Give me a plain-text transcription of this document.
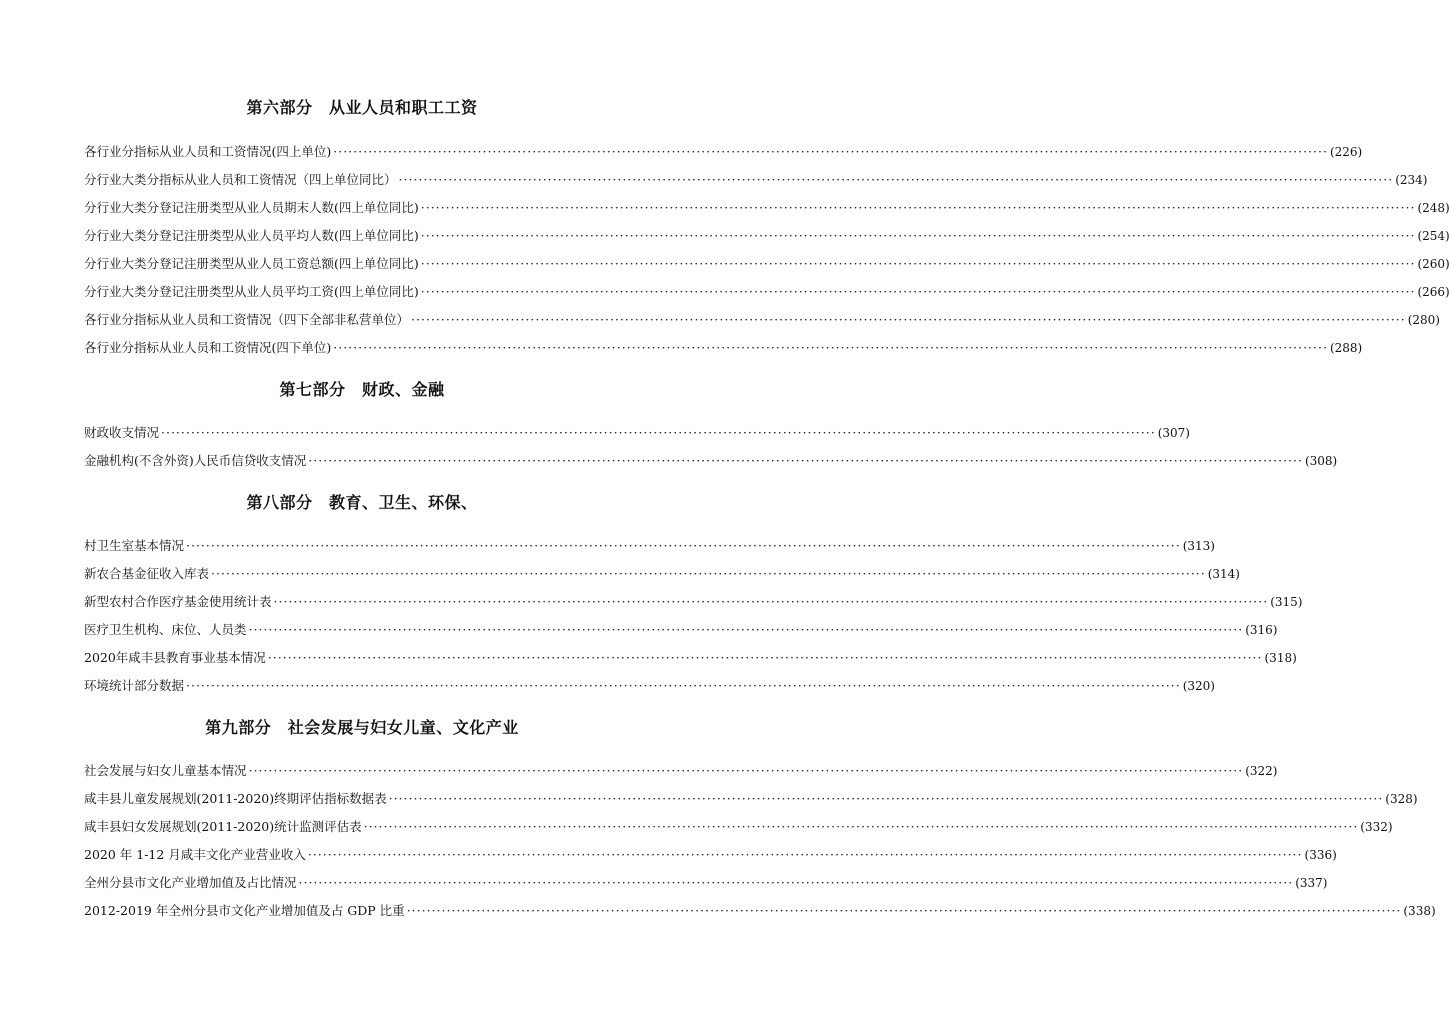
第六部分　从业人员和职工工资
各行业分指标从业人员和工资情况(四上单位) ········································································································································································································ (226)
分行业大类分指标从业人员和工资情况（四上单位同比） ········································································································································································································ (234)
分行业大类分登记注册类型从业人员期末人数(四上单位同比) ········································································································································································································ (248)
分行业大类分登记注册类型从业人员平均人数(四上单位同比) ········································································································································································································ (254)
分行业大类分登记注册类型从业人员工资总额(四上单位同比) ········································································································································································································ (260)
分行业大类分登记注册类型从业人员平均工资(四上单位同比) ········································································································································································································ (266)
各行业分指标从业人员和工资情况（四下全部非私营单位） ········································································································································································································ (280)
各行业分指标从业人员和工资情况(四下单位) ········································································································································································································ (288)
第七部分　财政、金融
财政收支情况 ········································································································································································································ (307)
金融机构(不含外资)人民币信贷收支情况 ········································································································································································································ (308)
第八部分　教育、卫生、环保、
村卫生室基本情况 ········································································································································································································ (313)
新农合基金征收入库表 ········································································································································································································ (314)
新型农村合作医疗基金使用统计表 ········································································································································································································ (315)
医疗卫生机构、床位、人员类 ········································································································································································································ (316)
2020年咸丰县教育事业基本情况 ········································································································································································································ (318)
环境统计部分数据 ········································································································································································································ (320)
第九部分　社会发展与妇女儿童、文化产业
社会发展与妇女儿童基本情况 ········································································································································································································ (322)
咸丰县儿童发展规划(2011-2020)终期评估指标数据表 ········································································································································································································ (328)
咸丰县妇女发展规划(2011-2020)统计监测评估表 ········································································································································································································ (332)
2020 年 1-12 月咸丰文化产业营业收入 ········································································································································································································ (336)
全州分县市文化产业增加值及占比情况 ········································································································································································································ (337)
2012-2019 年全州分县市文化产业增加值及占 GDP 比重 ········································································································································································································ (338)
